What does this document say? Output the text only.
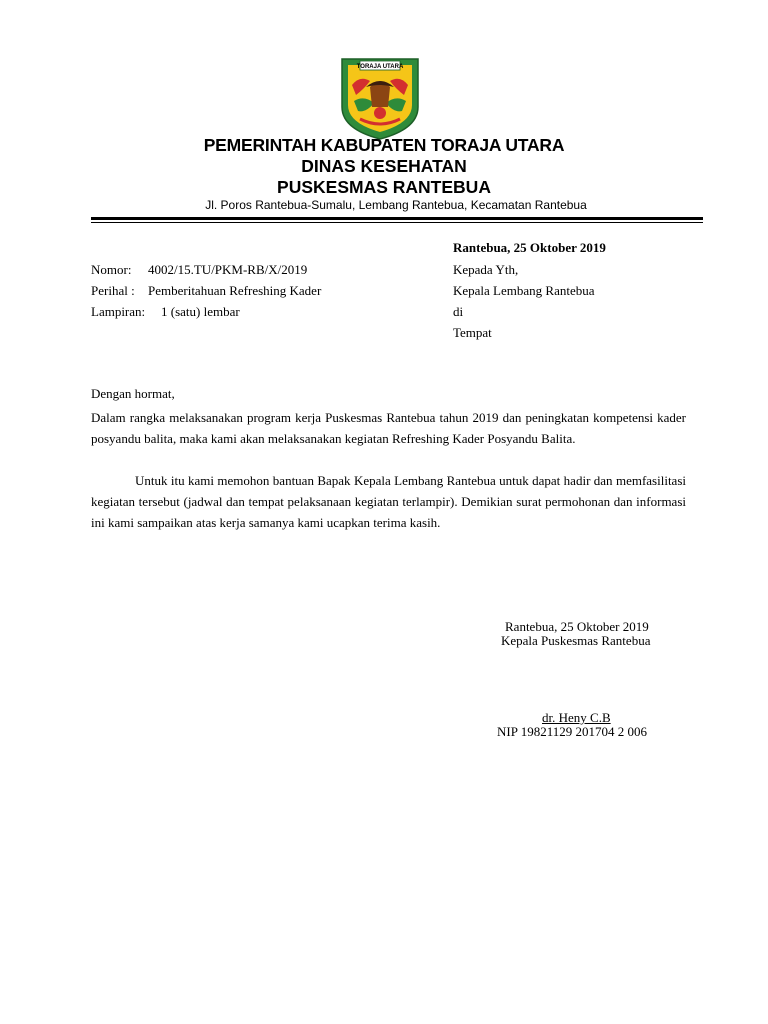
TORAJA UTARA
PEMERINTAH KABUPATEN TORAJA UTARA
DINAS KESEHATAN
PUSKESMAS RANTEBUA
Jl. Poros Rantebua-Sumalu, Lembang Rantebua, Kecamatan Rantebua
Rantebua, 25 Oktober 2019
Nomor: 4002/15.TU/PKM-RB/X/2019
Perihal : Pemberitahuan Refreshing Kader
Lampiran: 1 (satu) lembar
Kepada Yth,
Kepala Lembang Rantebua
di
Tempat
Dengan hormat,
Dalam rangka melaksanakan program kerja Puskesmas Rantebua tahun 2019 dan peningkatan kompetensi kader posyandu balita, maka kami akan melaksanakan kegiatan Refreshing Kader Posyandu Balita.
Untuk itu kami memohon bantuan Bapak Kepala Lembang Rantebua untuk dapat hadir dan memfasilitasi kegiatan tersebut (jadwal dan tempat pelaksanaan kegiatan terlampir). Demikian surat permohonan dan informasi ini kami sampaikan atas kerja samanya kami ucapkan terima kasih.
Rantebua, 25 Oktober 2019
Kepala Puskesmas Rantebua
dr. Heny C.B
NIP 19821129 201704 2 006
